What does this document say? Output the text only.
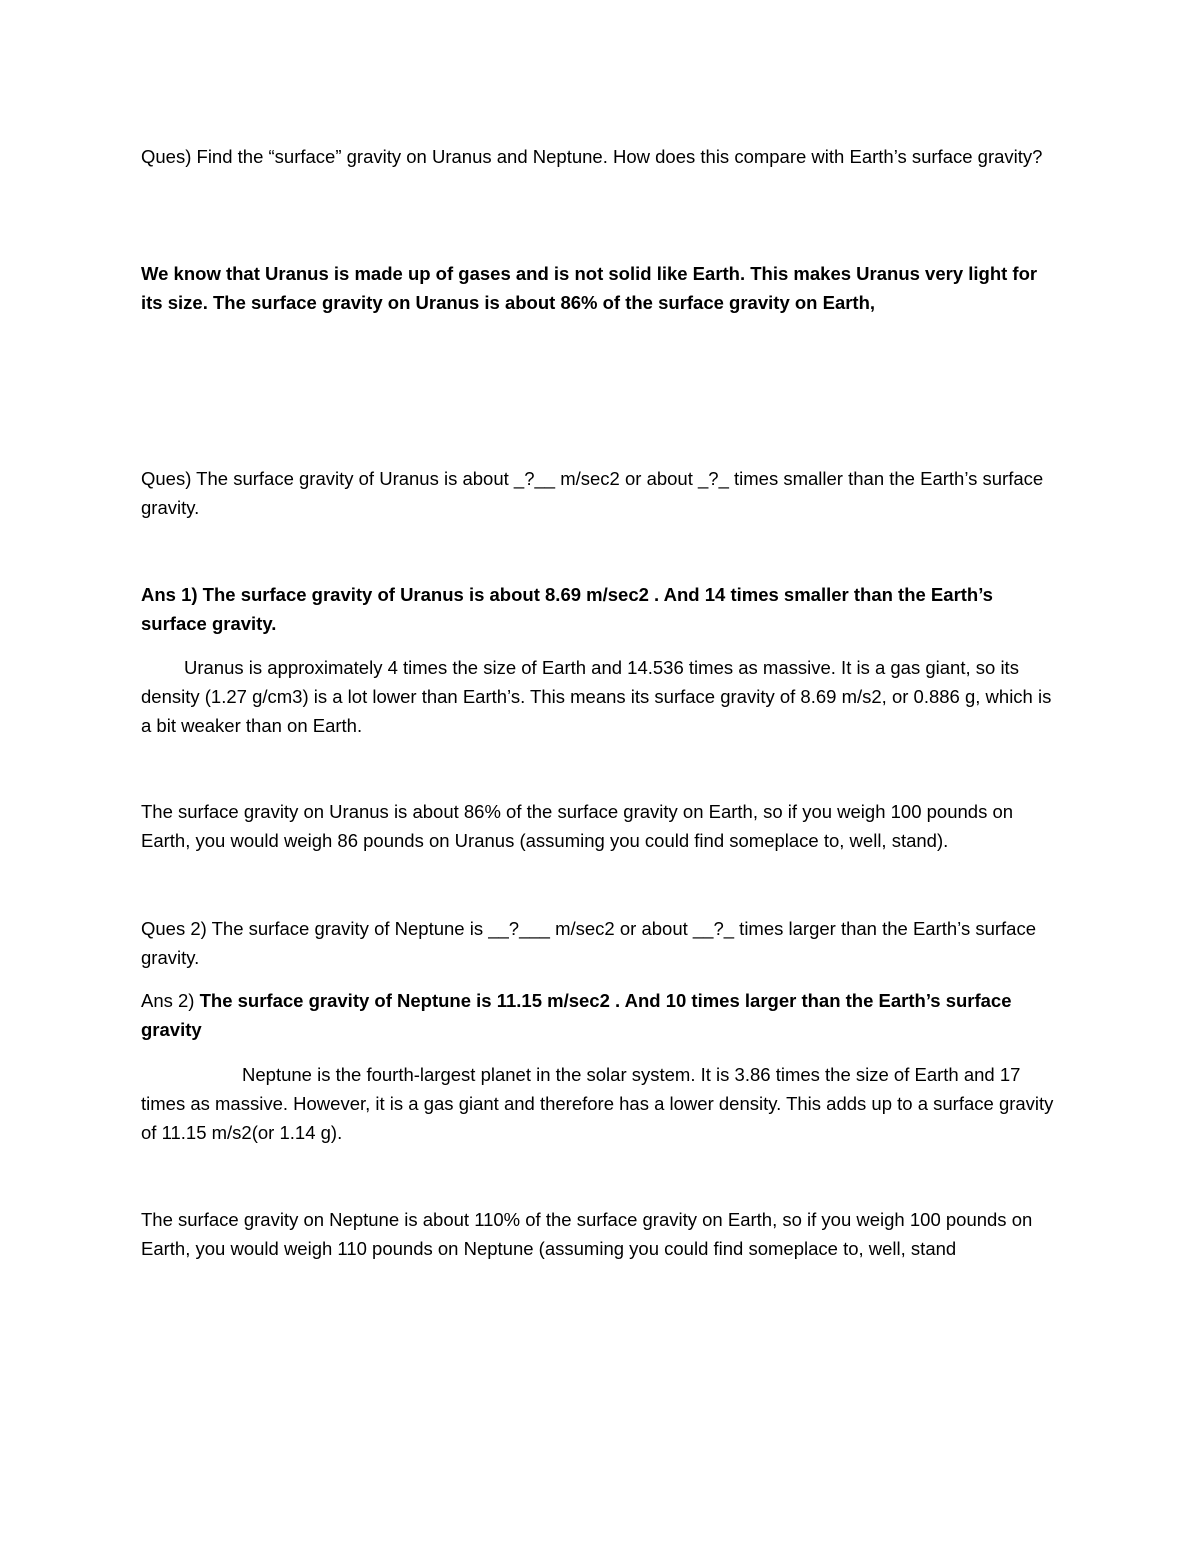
Ques) Find the “surface” gravity on Uranus and Neptune. How does this compare with Earth’s surface gravity?

We know that Uranus is made up of gases and is not solid like Earth. This makes Uranus very light for its size. The surface gravity on Uranus is about 86% of the surface gravity on Earth,

Ques) The surface gravity of Uranus is about _?__ m/sec2 or about _?_ times smaller than the Earth’s surface gravity.

Ans 1) The surface gravity of Uranus is about 8.69 m/sec2 . And 14 times smaller than the Earth’s surface gravity.

Uranus is approximately 4 times the size of Earth and 14.536 times as massive. It is a gas giant, so its density (1.27 g/cm3) is a lot lower than Earth’s. This means its surface gravity of 8.69 m/s2, or 0.886 g, which is a bit weaker than on Earth.

The surface gravity on Uranus is about 86% of the surface gravity on Earth, so if you weigh 100 pounds on Earth, you would weigh 86 pounds on Uranus (assuming you could find someplace to, well, stand).

Ques 2) The surface gravity of Neptune is __?___ m/sec2 or about __?_ times larger than the Earth’s surface gravity.

Ans 2) The surface gravity of Neptune is 11.15 m/sec2 . And 10 times larger than the Earth’s surface gravity

Neptune is the fourth-largest planet in the solar system. It is 3.86 times the size of Earth and 17 times as massive. However, it is a gas giant and therefore has a lower density. This adds up to a surface gravity of 11.15 m/s2(or 1.14 g).

The surface gravity on Neptune is about 110% of the surface gravity on Earth, so if you weigh 100 pounds on Earth, you would weigh 110 pounds on Neptune (assuming you could find someplace to, well, stand
